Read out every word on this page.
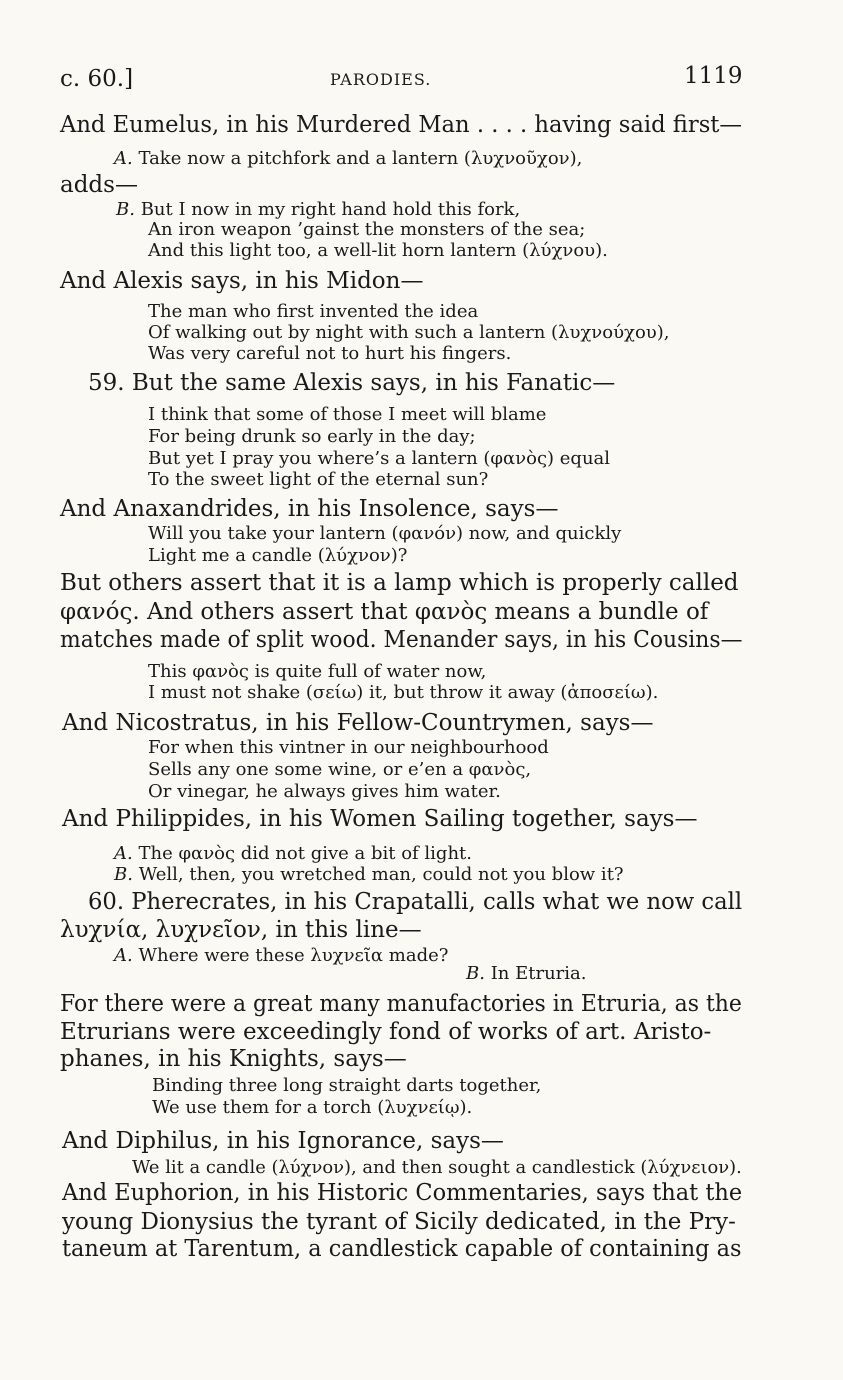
c. 60.]	PARODIES.	1119
And Eumelus, in his Murdered Man . . . . having said first—
A. Take now a pitchfork and a lantern (λυχνοῦχον),
adds—
B. But I now in my right hand hold this fork,
An iron weapon ’gainst the monsters of the sea;
And this light too, a well-lit horn lantern (λύχνου).
And Alexis says, in his Midon—
The man who first invented the idea
Of walking out by night with such a lantern (λυχνούχου),
Was very careful not to hurt his fingers.
59. But the same Alexis says, in his Fanatic—
I think that some of those I meet will blame
For being drunk so early in the day;
But yet I pray you where’s a lantern (φανὸς) equal
To the sweet light of the eternal sun?
And Anaxandrides, in his Insolence, says—
Will you take your lantern (φανόν) now, and quickly
Light me a candle (λύχνον)?
But others assert that it is a lamp which is properly called
φανός. And others assert that φανὸς means a bundle of
matches made of split wood. Menander says, in his Cousins—
This φανὸς is quite full of water now,
I must not shake (σείω) it, but throw it away (ἀποσείω).
And Nicostratus, in his Fellow-Countrymen, says—
For when this vintner in our neighbourhood
Sells any one some wine, or e’en a φανὸς,
Or vinegar, he always gives him water.
And Philippides, in his Women Sailing together, says—
A. The φανὸς did not give a bit of light.
B. Well, then, you wretched man, could not you blow it?
60. Pherecrates, in his Crapatalli, calls what we now call
λυχνία, λυχνεῖον, in this line—
A. Where were these λυχνεῖα made?
B. In Etruria.
For there were a great many manufactories in Etruria, as the
Etrurians were exceedingly fond of works of art. Aristo-
phanes, in his Knights, says—
Binding three long straight darts together,
We use them for a torch (λυχνείῳ).
And Diphilus, in his Ignorance, says—
We lit a candle (λύχνον), and then sought a candlestick (λύχνειον).
And Euphorion, in his Historic Commentaries, says that the
young Dionysius the tyrant of Sicily dedicated, in the Pry-
taneum at Tarentum, a candlestick capable of containing as
